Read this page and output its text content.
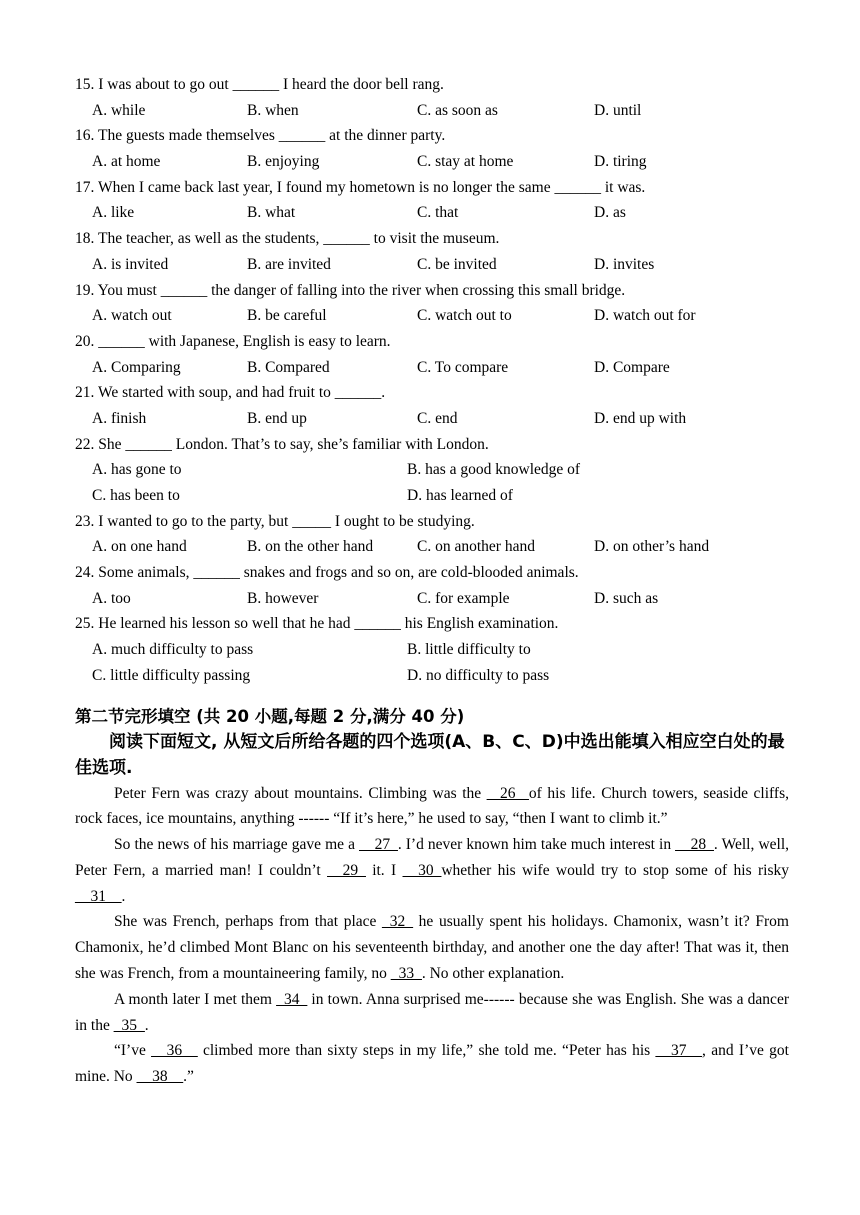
15. I was about to go out ______ I heard the door bell rang.
A. while	B. when	C. as soon as	D. until
16. The guests made themselves ______ at the dinner party.
A. at home	B. enjoying	C. stay at home	D. tiring
17. When I came back last year, I found my hometown is no longer the same ______ it was.
A. like	B. what	C. that	D. as
18. The teacher, as well as the students, ______ to visit the museum.
A. is invited	B. are invited	C. be invited	D. invites
19. You must ______ the danger of falling into the river when crossing this small bridge.
A. watch out	B. be careful	C. watch out to	D. watch out for
20. ______ with Japanese, English is easy to learn.
A. Comparing	B. Compared	C. To compare	D. Compare
21. We started with soup, and had fruit to ______.
A. finish	B. end up	C. end	D. end up with
22. She ______ London. That’s to say, she’s familiar with London.
A. has gone to	B. has a good knowledge of
C. has been to	D. has learned of
23. I wanted to go to the party, but _____ I ought to be studying.
A. on one hand	B. on the other hand	C. on another hand	D. on other’s hand
24. Some animals, ______ snakes and frogs and so on, are cold-blooded animals.
A. too	B. however	C. for example	D. such as
25. He learned his lesson so well that he had ______ his English examination.
A. much difficulty to pass	B. little difficulty to
C. little difficulty passing	D. no difficulty to pass
第二节完形填空 (共 20 小题,每题 2 分,满分 40 分)
阅读下面短文, 从短文后所给各题的四个选项(A、B、C、D)中选出能填入相应空白处的最佳选项.
Peter Fern was crazy about mountains. Climbing was the _ 26 _of his life. Church towers, seaside cliffs, rock faces, ice mountains, anything ------ “If it’s here,” he used to say, “then I want to climb it.”
So the news of his marriage gave me a __27_. I’d never known him take much interest in __28_. Well, well, Peter Fern, a married man! I couldn’t __29_ it. I __30_whether his wife would try to stop some of his risky __31__.
She was French, perhaps from that place _32_ he usually spent his holidays. Chamonix, wasn’t it? From Chamonix, he’d climbed Mont Blanc on his seventeenth birthday, and another one the day after! That was it, then she was French, from a mountaineering family, no _33_. No other explanation.
A month later I met them _34_ in town. Anna surprised me------ because she was English. She was a dancer in the _35_.
“I’ve __36__ climbed more than sixty steps in my life,” she told me. “Peter has his __37__, and I’ve got mine. No __38__.”
